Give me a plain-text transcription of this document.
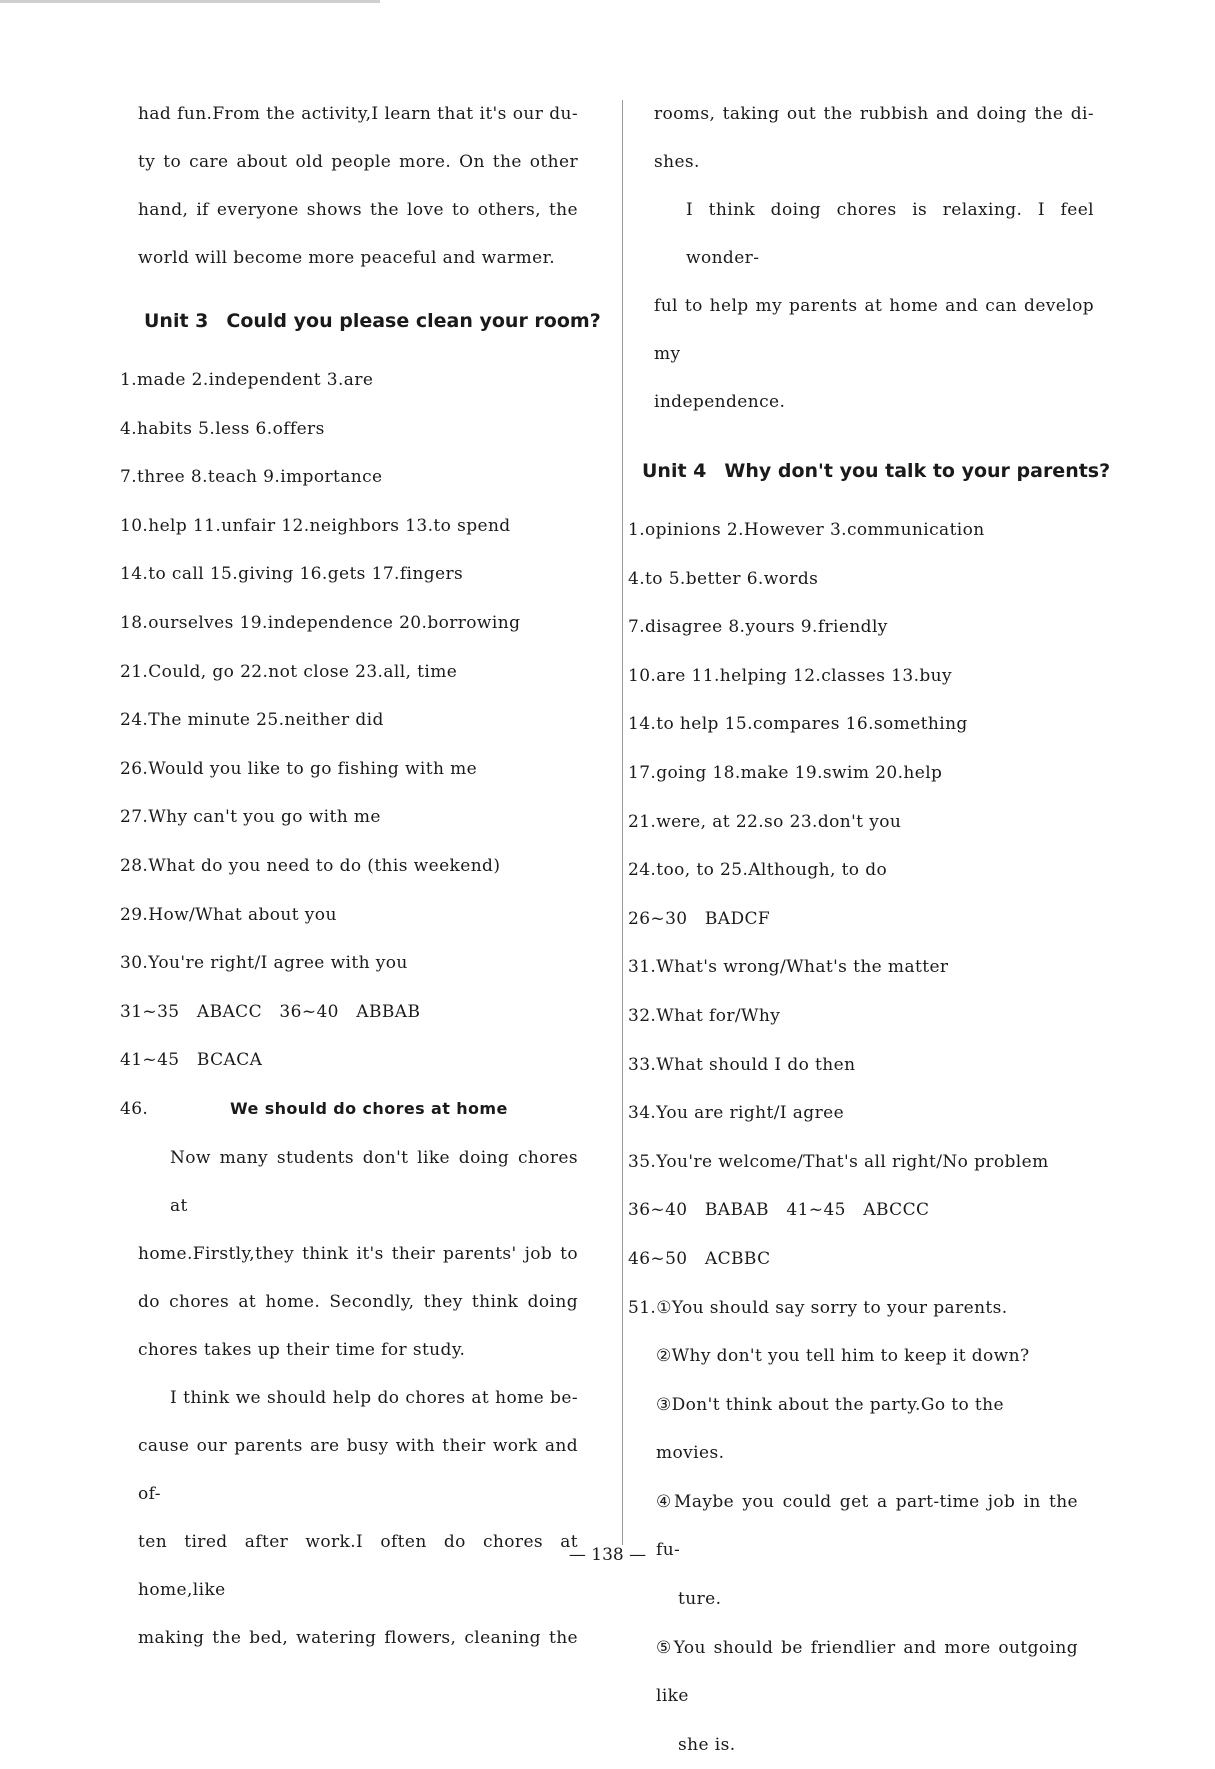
had fun.From the activity,I learn that it's our du-

ty to care about old people more. On the other

hand, if everyone shows the love to others, the

world will become more peaceful and warmer.

Unit 3 Could you please clean your room?

1.made 2.independent 3.are

4.habits 5.less 6.offers

7.three 8.teach 9.importance

10.help 11.unfair 12.neighbors 13.to spend

14.to call 15.giving 16.gets 17.fingers

18.ourselves 19.independence 20.borrowing

21.Could, go 22.not close 23.all, time

24.The minute 25.neither did

26.Would you like to go fishing with me

27.Why can't you go with me

28.What do you need to do (this weekend)

29.How/What about you

30.You're right/I agree with you

31~35   ABACC   36~40   ABBAB

41~45   BCACA

46.	We should do chores at home

Now many students don't like doing chores at

home.Firstly,they think it's their parents' job to

do chores at home. Secondly, they think doing

chores takes up their time for study.

I think we should help do chores at home be-

cause our parents are busy with their work and of-

ten tired after work.I often do chores at home,like

making the bed, watering flowers, cleaning the

rooms, taking out the rubbish and doing the di-

shes.

I think doing chores is relaxing. I feel wonder-

ful to help my parents at home and can develop my

independence.

Unit 4 Why don't you talk to your parents?

1.opinions 2.However 3.communication

4.to 5.better 6.words

7.disagree 8.yours 9.friendly

10.are 11.helping 12.classes 13.buy

14.to help 15.compares 16.something

17.going 18.make 19.swim 20.help

21.were, at 22.so 23.don't you

24.too, to 25.Although, to do

26~30   BADCF

31.What's wrong/What's the matter

32.What for/Why

33.What should I do then

34.You are right/I agree

35.You're welcome/That's all right/No problem

36~40   BABAB   41~45   ABCCC

46~50   ACBBC

51.①You should say sorry to your parents.

②Why don't you tell him to keep it down?

③Don't think about the party.Go to the movies.

④Maybe you could get a part-time job in the fu-

ture.

⑤You should be friendlier and more outgoing like

she is.

— 138 —
